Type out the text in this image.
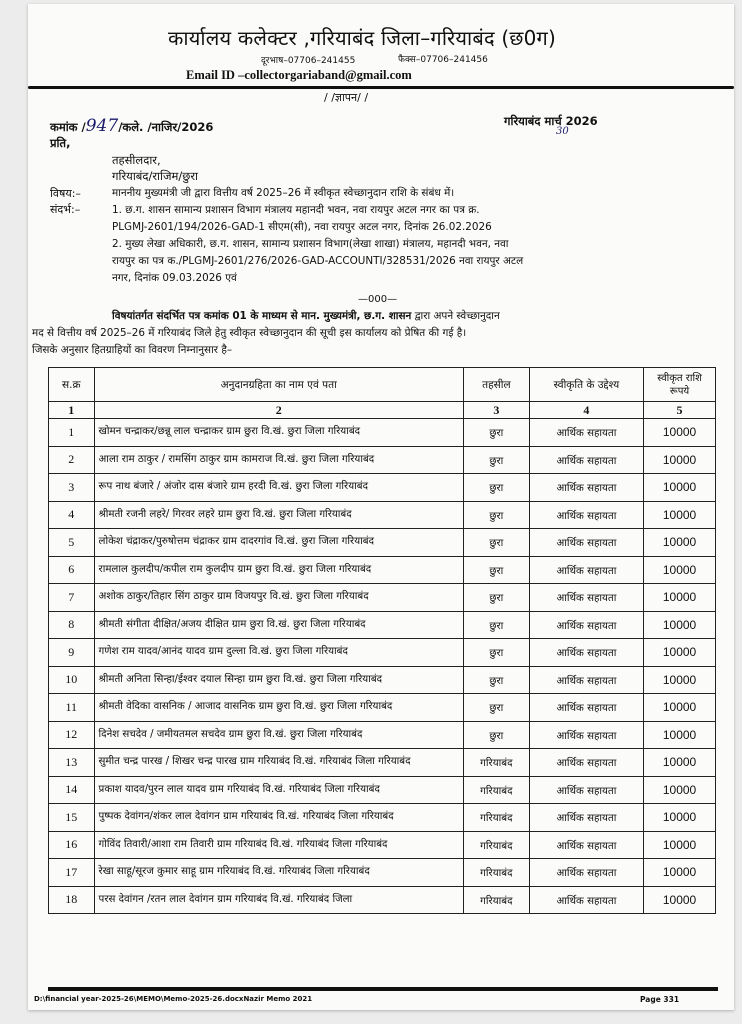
कार्यालय कलेक्टर ,गरियाबंद जिला–गरियाबंद (छ0ग)
दूरभाष–07706–241455	फैक्स–07706–241456
Email ID –collectorgariaband@gmail.com
/ /ज्ञापन/ /
कमांक /947/कले. /नाजिर/2026	गरियाबंद मार्च 2026
30
प्रति,
तहसीलदार,
गरियाबंद/राजिम/छुरा
विषय:–	माननीय मुख्यमंत्री जी द्वारा वित्तीय वर्ष 2025–26 में स्वीकृत स्वेच्छानुदान राशि के संबंध में।
संदर्भ:–	1. छ.ग. शासन सामान्य प्रशासन विभाग मंत्रालय महानदी भवन, नवा रायपुर अटल नगर का पत्र क्र.
PLGMJ-2601/194/2026-GAD-1 सीएम(सी), नवा रायपुर अटल नगर, दिनांक 26.02.2026
2. मुख्य लेखा अधिकारी, छ.ग. शासन, सामान्य प्रशासन विभाग(लेखा शाखा) मंत्रालय, महानदी भवन, नवा
रायपुर का पत्र क./PLGMJ-2601/276/2026-GAD-ACCOUNTI/328531/2026 नवा रायपुर अटल
नगर, दिनांक 09.03.2026 एवं
—000—
विषयांतर्गत संदर्भित पत्र कमांक 01 के माध्यम से मान. मुख्यमंत्री, छ.ग. शासन द्वारा अपने स्वेच्छानुदान
मद से वित्तीय वर्ष 2025–26 में गरियाबंद जिले हेतु स्वीकृत स्वेच्छानुदान की सूची इस कार्यालय को प्रेषित की गई है।
जिसके अनुसार हितग्राहियों का विवरण निम्नानुसार है–
स.क्र	अनुदानग्रहिता का नाम एवं पता	तहसील	स्वीकृति के उद्देश्य	स्वीकृत राशि रूपये
1	2	3	4	5
1	खोमन चन्द्राकर/छन्नू लाल चन्द्राकर ग्राम छुरा वि.खं. छुरा जिला गरियाबंद	छुरा	आर्थिक सहायता	10000
2	आला राम ठाकुर / रामसिंग ठाकुर ग्राम कामराज वि.खं. छुरा जिला गरियाबंद	छुरा	आर्थिक सहायता	10000
3	रूप नाथ बंजारे / अंजोर दास बंजारे ग्राम हरदी वि.खं. छुरा जिला गरियाबंद	छुरा	आर्थिक सहायता	10000
4	श्रीमती रजनी लहरे/ गिरवर लहरे ग्राम छुरा वि.खं. छुरा जिला गरियाबंद	छुरा	आर्थिक सहायता	10000
5	लोकेश चंद्राकर/पुरुषोत्तम चंद्राकर ग्राम दादरगांव वि.खं. छुरा जिला गरियाबंद	छुरा	आर्थिक सहायता	10000
6	रामलाल कुलदीप/कपील राम कुलदीप ग्राम छुरा वि.खं. छुरा जिला गरियाबंद	छुरा	आर्थिक सहायता	10000
7	अशोक ठाकुर/तिहार सिंग ठाकुर ग्राम विजयपुर वि.खं. छुरा जिला गरियाबंद	छुरा	आर्थिक सहायता	10000
8	श्रीमती संगीता दीक्षित/अजय दीक्षित ग्राम छुरा वि.खं. छुरा जिला गरियाबंद	छुरा	आर्थिक सहायता	10000
9	गणेश राम यादव/आनंद यादव ग्राम दुल्ला वि.खं. छुरा जिला गरियाबंद	छुरा	आर्थिक सहायता	10000
10	श्रीमती अनिता सिन्हा/ईश्वर दयाल सिन्हा ग्राम छुरा वि.खं. छुरा जिला गरियाबंद	छुरा	आर्थिक सहायता	10000
11	श्रीमती वेदिका वासनिक / आजाद वासनिक ग्राम छुरा वि.खं. छुरा जिला गरियाबंद	छुरा	आर्थिक सहायता	10000
12	दिनेश सचदेव / जमीयतमल सचदेव ग्राम छुरा वि.खं. छुरा जिला गरियाबंद	छुरा	आर्थिक सहायता	10000
13	सुमीत चन्द्र पारख / शिखर चन्द्र पारख ग्राम गरियाबंद वि.खं. गरियाबंद जिला गरियाबंद	गरियाबंद	आर्थिक सहायता	10000
14	प्रकाश यादव/पुरन लाल यादव ग्राम गरियाबंद वि.खं. गरियाबंद जिला गरियाबंद	गरियाबंद	आर्थिक सहायता	10000
15	पुष्पक देवांगन/शंकर लाल देवांगन ग्राम गरियाबंद वि.खं. गरियाबंद जिला गरियाबंद	गरियाबंद	आर्थिक सहायता	10000
16	गोविंद तिवारी/आशा राम तिवारी ग्राम गरियाबंद वि.खं. गरियाबंद जिला गरियाबंद	गरियाबंद	आर्थिक सहायता	10000
17	रेखा साहू/सूरज कुमार साहू ग्राम गरियाबंद वि.खं. गरियाबंद जिला गरियाबंद	गरियाबंद	आर्थिक सहायता	10000
18	परस देवांगन /रतन लाल देवांगन ग्राम गरियाबंद वि.खं. गरियाबंद जिला	गरियाबंद	आर्थिक सहायता	10000
D:\financial year-2025-26\MEMO\Memo-2025-26.docxNazir Memo 2021	Page 331
